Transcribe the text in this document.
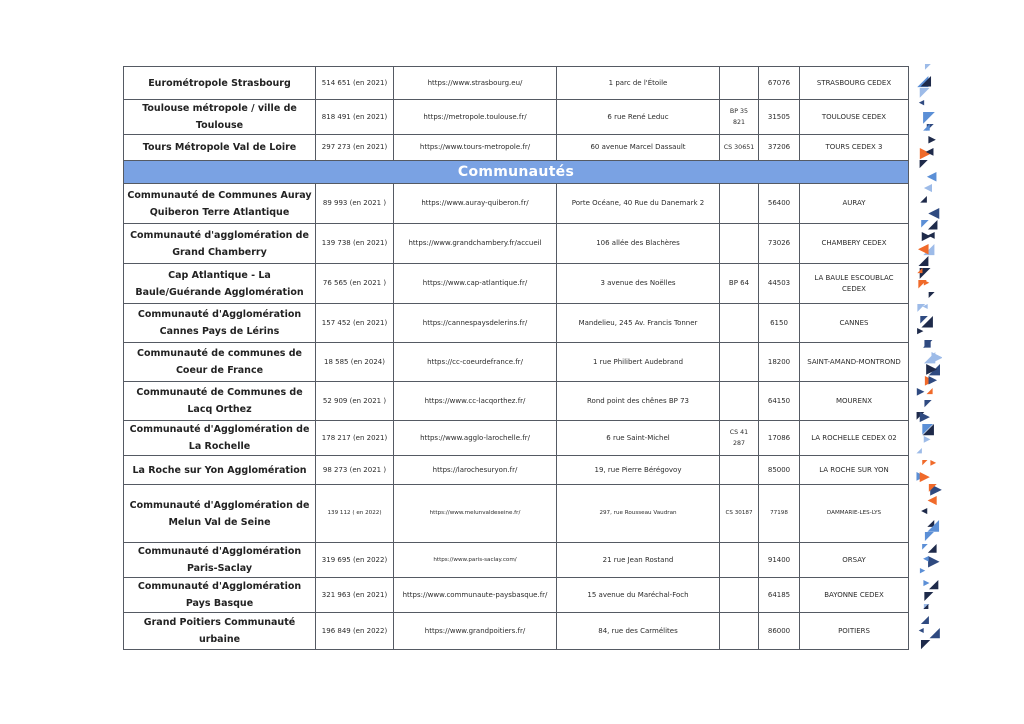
Eurométropole Strasbourg	514 651 (en 2021)	https://www.strasbourg.eu/	1 parc de l'Étoile		67076	STRASBOURG CEDEX
Toulouse métropole / ville de Toulouse	818 491 (en 2021)	https://metropole.toulouse.fr/	6 rue René Leduc	BP 35 821	31505	TOULOUSE CEDEX
Tours Métropole Val de Loire	297 273 (en 2021)	https://www.tours-metropole.fr/	60 avenue Marcel Dassault	CS 30651	37206	TOURS CEDEX 3
Communautés						
Communauté de Communes Auray Quiberon Terre Atlantique	89 993 (en 2021 )	https://www.auray-quiberon.fr/	Porte Océane, 40 Rue du Danemark 2		56400	AURAY
Communauté d'agglomération de Grand Chamberry	139 738 (en 2021)	https://www.grandchambery.fr/accueil	106 allée des Blachères		73026	CHAMBERY CEDEX
Cap Atlantique - La Baule/Guérande Agglomération	76 565 (en 2021 )	https://www.cap-atlantique.fr/	3 avenue des Noëlles	BP 64	44503	LA BAULE ESCOUBLAC CEDEX
Communauté d'Agglomération Cannes Pays de Lérins	157 452 (en 2021)	https://cannespaysdelerins.fr/	Mandelieu, 245 Av. Francis Tonner		6150	CANNES
Communauté de communes de Coeur de France	18 585 (en 2024)	https://cc-coeurdefrance.fr/	1 rue Philibert Audebrand		18200	SAINT-AMAND-MONTROND
Communauté de Communes de Lacq Orthez	52 909 (en 2021 )	https://www.cc-lacqorthez.fr/	Rond point des chênes BP 73		64150	MOURENX
Communauté d'Agglomération de La Rochelle	178 217 (en 2021)	https://www.agglo-larochelle.fr/	6 rue Saint-Michel	CS 41 287	17086	LA ROCHELLE CEDEX 02
La Roche sur Yon Agglomération	98 273 (en 2021 )	https://larochesuryon.fr/	19, rue Pierre Bérégovoy		85000	LA ROCHE SUR YON
Communauté d'Agglomération de Melun Val de Seine	139 112 ( en 2022)	https://www.melunvaldeseine.fr/	297, rue Rousseau Vaudran	CS 30187	77198	DAMMARIE-LES-LYS
Communauté d'Agglomération Paris-Saclay	319 695 (en 2022)	https://www.paris-saclay.com/	21 rue Jean Rostand		91400	ORSAY
Communauté d'Agglomération Pays Basque	321 963 (en 2021)	https://www.communaute-paysbasque.fr/	15 avenue du Maréchal-Foch		64185	BAYONNE CEDEX
Grand Poitiers Communauté urbaine	196 849 (en 2022)	https://www.grandpoitiers.fr/	84, rue des Carmélites		86000	POITIERS
